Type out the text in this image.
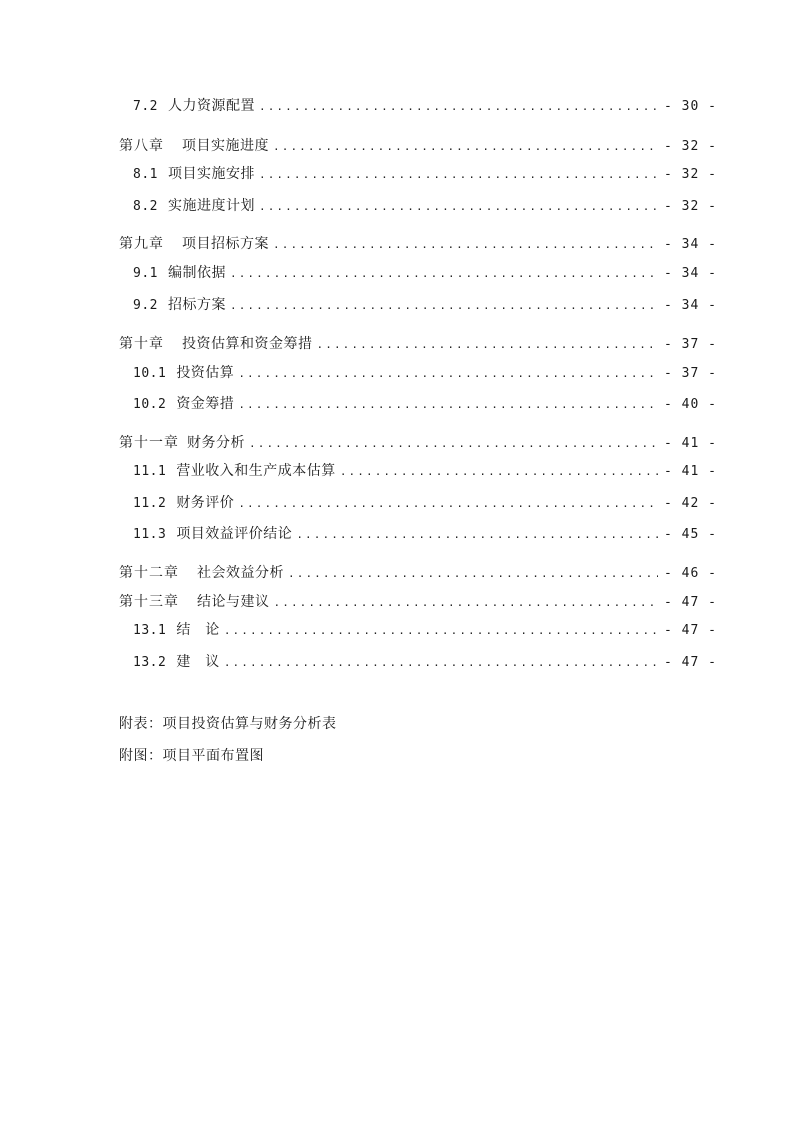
7.2 人力资源配置 .....	- 30 -
第八章 项目实施进度 .....	- 32 -
8.1 项目实施安排 .....	- 32 -
8.2 实施进度计划 .....	- 32 -
第九章 项目招标方案 .....	- 34 -
9.1 编制依据 .....	- 34 -
9.2 招标方案 .....	- 34 -
第十章 投资估算和资金筹措 .....	- 37 -
10.1 投资估算 .....	- 37 -
10.2 资金筹措 .....	- 40 -
第十一章 财务分析 .....	- 41 -
11.1 营业收入和生产成本估算 .....	- 41 -
11.2 财务评价 .....	- 42 -
11.3 项目效益评价结论 .....	- 45 -
第十二章 社会效益分析 .....	- 46 -
第十三章 结论与建议 .....	- 47 -
13.1 结　论 .....	- 47 -
13.2 建　议 .....	- 47 -
附表：项目投资估算与财务分析表
附图：项目平面布置图
